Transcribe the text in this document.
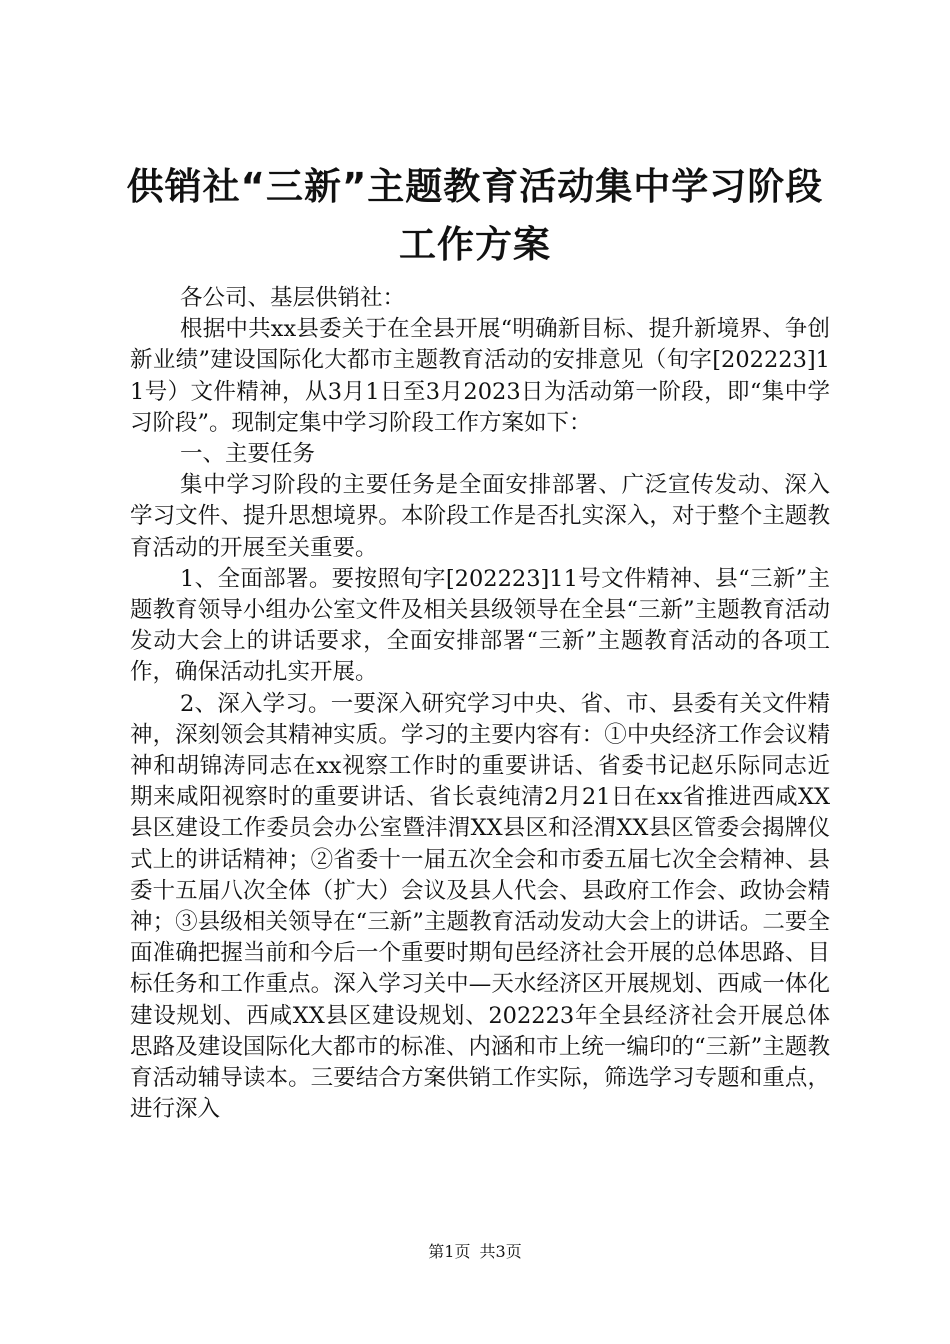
供销社“三新”主题教育活动集中学习阶段工作方案

各公司、基层供销社：

根据中共xx县委关于在全县开展“明确新目标、提升新境界、争创新业绩”建设国际化大都市主题教育活动的安排意见（旬字[202223]11号）文件精神，从3月1日至3月2023日为活动第一阶段，即“集中学习阶段”。现制定集中学习阶段工作方案如下：

一、主要任务

集中学习阶段的主要任务是全面安排部署、广泛宣传发动、深入学习文件、提升思想境界。本阶段工作是否扎实深入，对于整个主题教育活动的开展至关重要。

1、全面部署。要按照旬字[202223]11号文件精神、县“三新”主题教育领导小组办公室文件及相关县级领导在全县“三新”主题教育活动发动大会上的讲话要求，全面安排部署“三新”主题教育活动的各项工作，确保活动扎实开展。

2、深入学习。一要深入研究学习中央、省、市、县委有关文件精神，深刻领会其精神实质。学习的主要内容有：①中央经济工作会议精神和胡锦涛同志在xx视察工作时的重要讲话、省委书记赵乐际同志近期来咸阳视察时的重要讲话、省长袁纯清2月21日在xx省推进西咸XX县区建设工作委员会办公室暨沣渭XX县区和泾渭XX县区管委会揭牌仪式上的讲话精神；②省委十一届五次全会和市委五届七次全会精神、县委十五届八次全体（扩大）会议及县人代会、县政府工作会、政协会精神；③县级相关领导在“三新”主题教育活动发动大会上的讲话。二要全面准确把握当前和今后一个重要时期旬邑经济社会开展的总体思路、目标任务和工作重点。深入学习关中—天水经济区开展规划、西咸一体化建设规划、西咸XX县区建设规划、202223年全县经济社会开展总体思路及建设国际化大都市的标准、内涵和市上统一编印的“三新”主题教育活动辅导读本。三要结合方案供销工作实际，筛选学习专题和重点，进行深入

第1页 共3页
